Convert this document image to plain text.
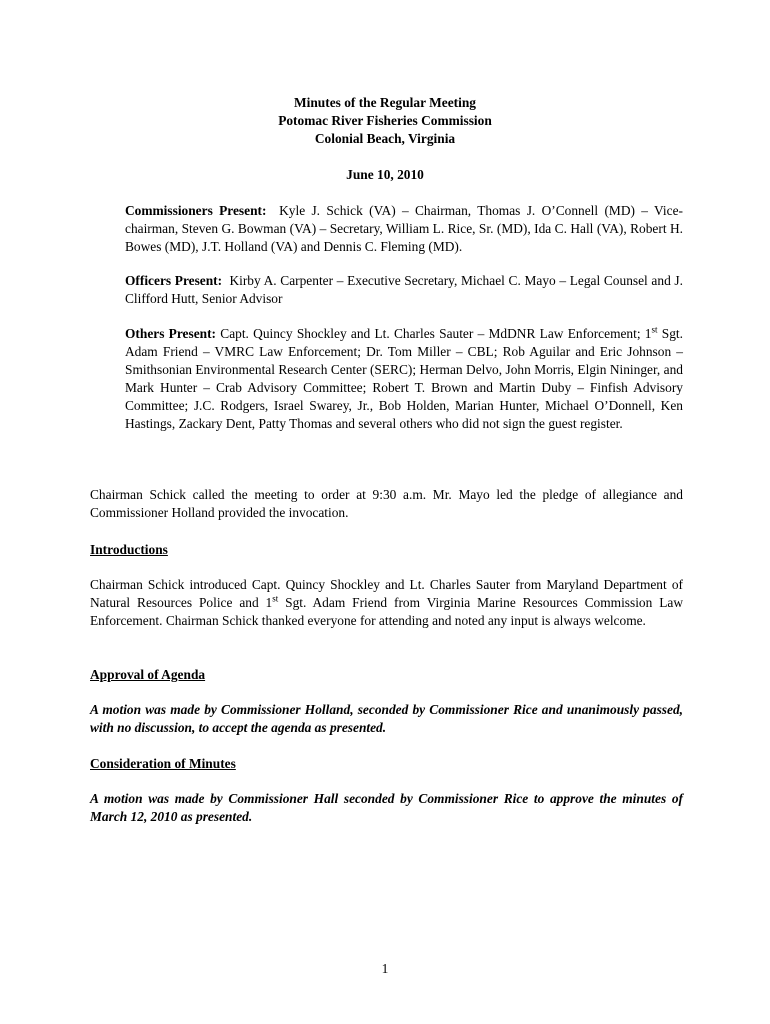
Minutes of the Regular Meeting
Potomac River Fisheries Commission
Colonial Beach, Virginia
June 10, 2010
Commissioners Present: Kyle J. Schick (VA) – Chairman, Thomas J. O’Connell (MD) – Vice-chairman, Steven G. Bowman (VA) – Secretary, William L. Rice, Sr. (MD), Ida C. Hall (VA), Robert H. Bowes (MD), J.T. Holland (VA) and Dennis C. Fleming (MD).
Officers Present: Kirby A. Carpenter – Executive Secretary, Michael C. Mayo – Legal Counsel and J. Clifford Hutt, Senior Advisor
Others Present: Capt. Quincy Shockley and Lt. Charles Sauter – MdDNR Law Enforcement; 1st Sgt. Adam Friend – VMRC Law Enforcement; Dr. Tom Miller – CBL; Rob Aguilar and Eric Johnson – Smithsonian Environmental Research Center (SERC); Herman Delvo, John Morris, Elgin Nininger, and Mark Hunter – Crab Advisory Committee; Robert T. Brown and Martin Duby – Finfish Advisory Committee; J.C. Rodgers, Israel Swarey, Jr., Bob Holden, Marian Hunter, Michael O’Donnell, Ken Hastings, Zackary Dent, Patty Thomas and several others who did not sign the guest register.
Chairman Schick called the meeting to order at 9:30 a.m. Mr. Mayo led the pledge of allegiance and Commissioner Holland provided the invocation.
Introductions
Chairman Schick introduced Capt. Quincy Shockley and Lt. Charles Sauter from Maryland Department of Natural Resources Police and 1st Sgt. Adam Friend from Virginia Marine Resources Commission Law Enforcement. Chairman Schick thanked everyone for attending and noted any input is always welcome.
Approval of Agenda
A motion was made by Commissioner Holland, seconded by Commissioner Rice and unanimously passed, with no discussion, to accept the agenda as presented.
Consideration of Minutes
A motion was made by Commissioner Hall seconded by Commissioner Rice to approve the minutes of March 12, 2010 as presented.
1
